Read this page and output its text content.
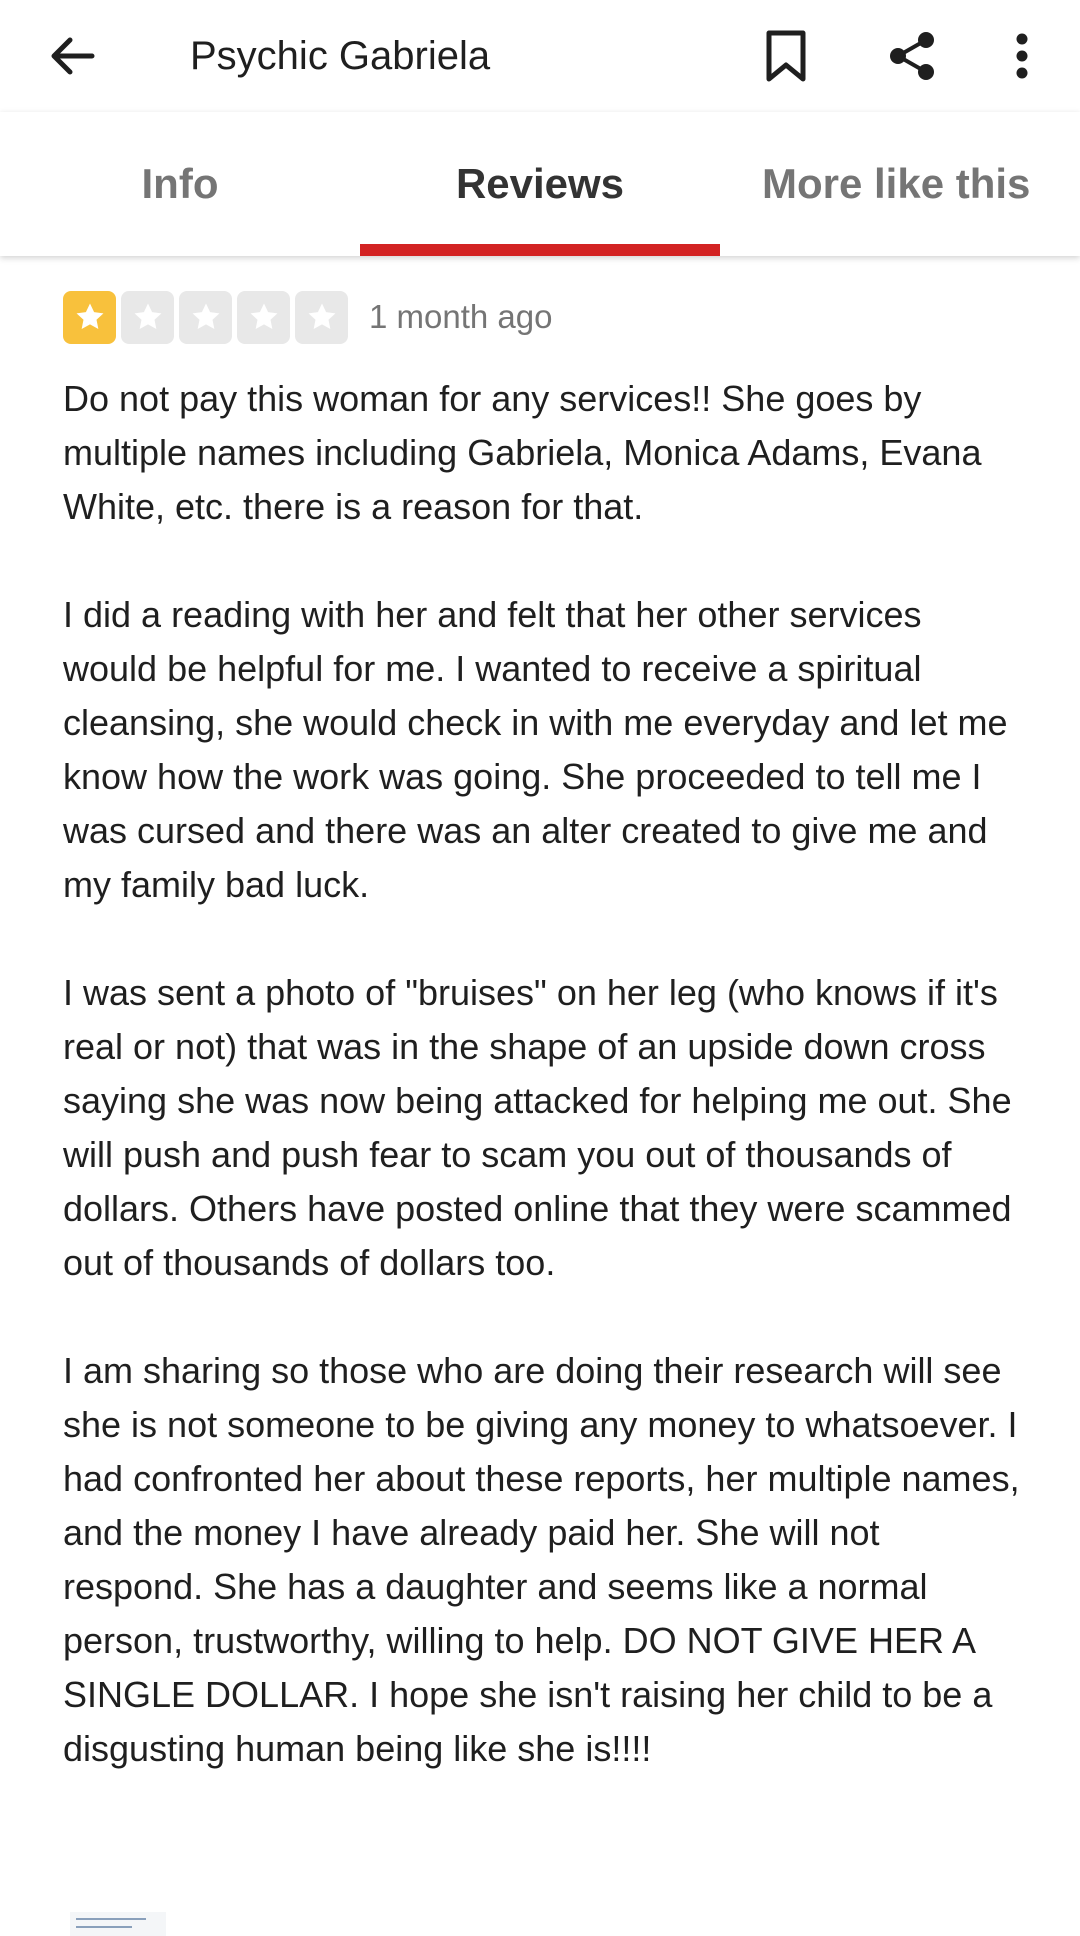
Psychic Gabriela
Info	Reviews	More like this
1 month ago

Do not pay this woman for any services!! She goes by multiple names including Gabriela, Monica Adams, Evana White, etc. there is a reason for that.

I did a reading with her and felt that her other services would be helpful for me. I wanted to receive a spiritual cleansing, she would check in with me everyday and let me know how the work was going. She proceeded to tell me I was cursed and there was an alter created to give me and my family bad luck.

I was sent a photo of "bruises" on her leg (who knows if it's real or not) that was in the shape of an upside down cross saying she was now being attacked for helping me out. She will push and push fear to scam you out of thousands of dollars. Others have posted online that they were scammed out of thousands of dollars too.

I am sharing so those who are doing their research will see she is not someone to be giving any money to whatsoever. I had confronted her about these reports, her multiple names, and the money I have already paid her. She will not respond. She has a daughter and seems like a normal person, trustworthy, willing to help. DO NOT GIVE HER A SINGLE DOLLAR. I hope she isn't raising her child to be a disgusting human being like she is!!!!
